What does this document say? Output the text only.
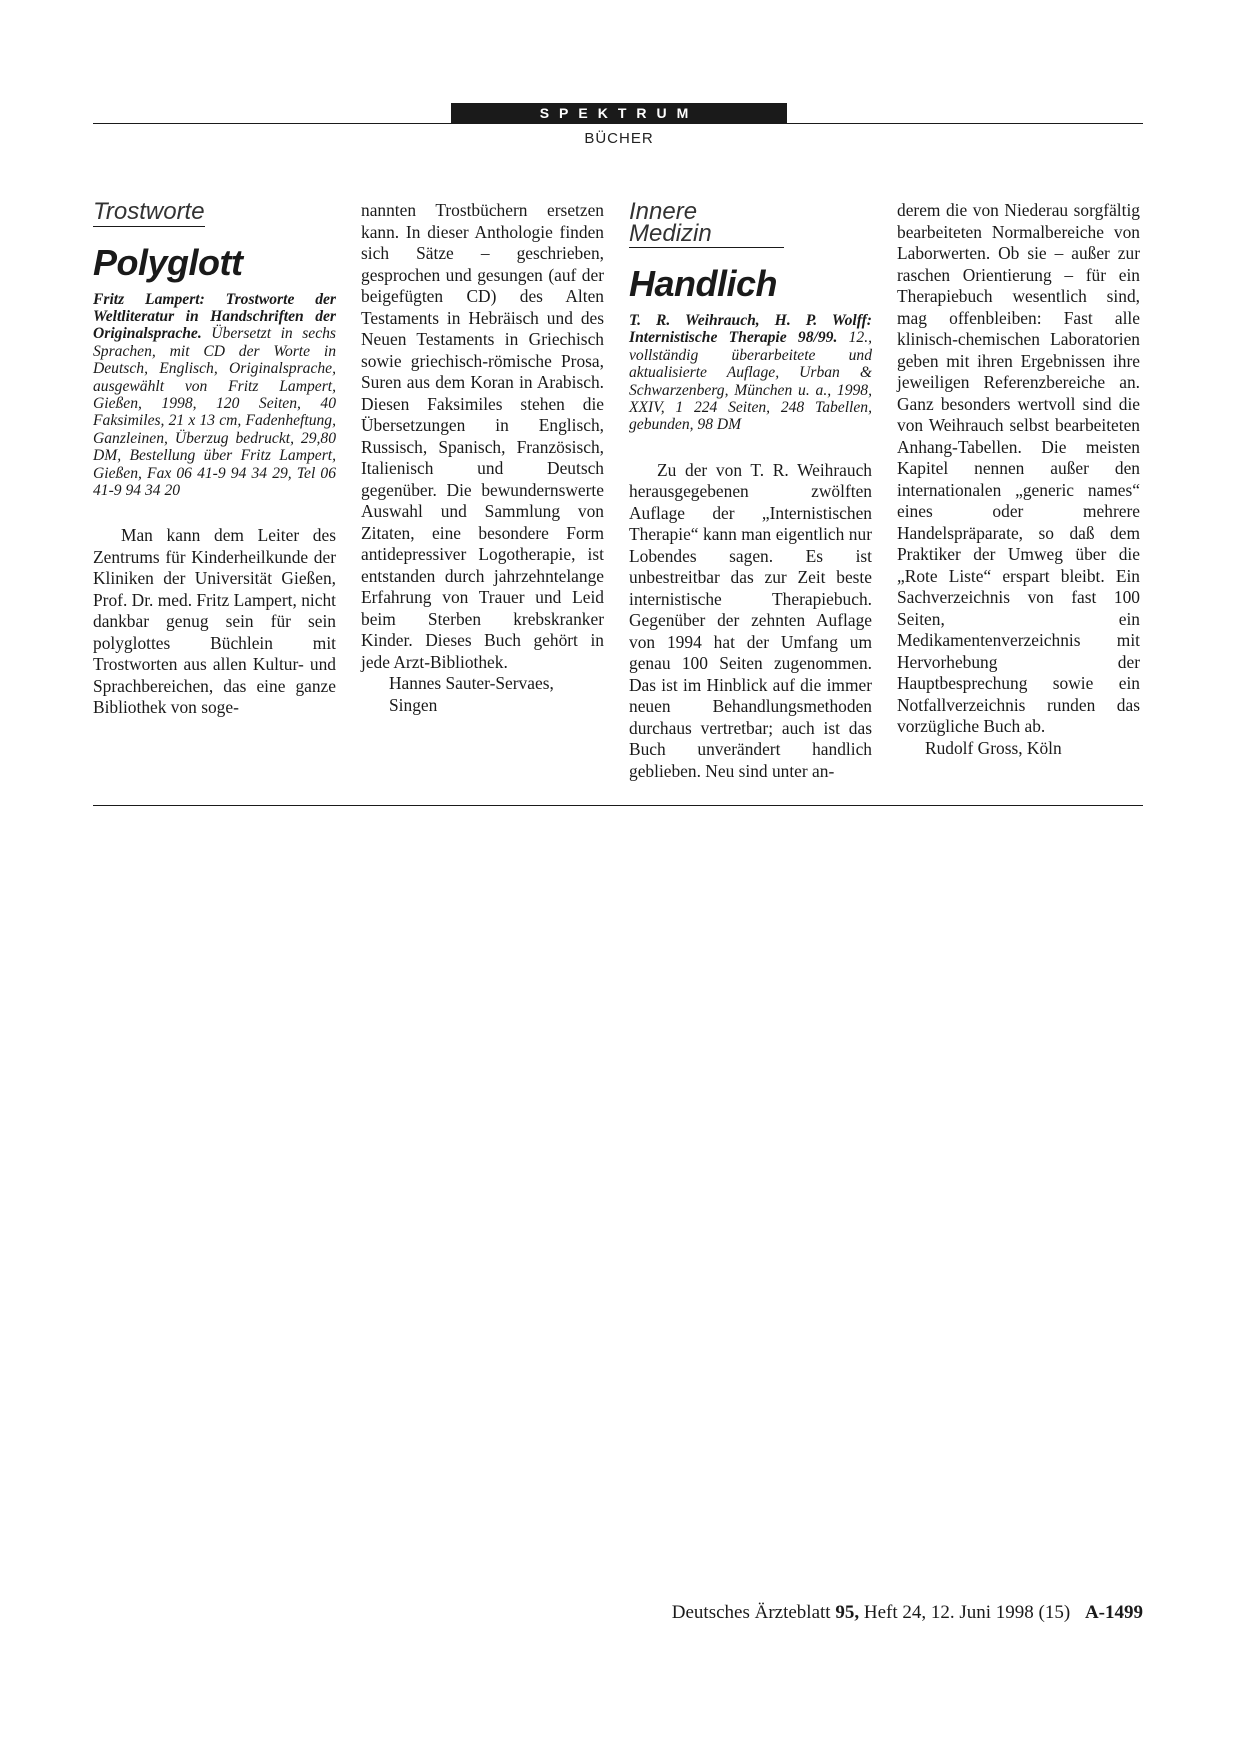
SPEKTRUM
BÜCHER
Trostworte
Polyglott
Fritz Lampert: Trostworte der Weltliteratur in Handschriften der Originalsprache. Übersetzt in sechs Sprachen, mit CD der Worte in Deutsch, Englisch, Originalsprache, ausgewählt von Fritz Lampert, Gießen, 1998, 120 Seiten, 40 Faksimiles, 21 x 13 cm, Fadenheftung, Ganzleinen, Überzug bedruckt, 29,80 DM, Bestellung über Fritz Lampert, Gießen, Fax 06 41-9 94 34 29, Tel 06 41-9 94 34 20

Man kann dem Leiter des Zentrums für Kinderheilkunde der Kliniken der Universität Gießen, Prof. Dr. med. Fritz Lampert, nicht dankbar genug sein für sein polyglottes Büchlein mit Trostworten aus allen Kultur- und Sprachbereichen, das eine ganze Bibliothek von soge-

nannten Trostbüchern ersetzen kann. In dieser Anthologie finden sich Sätze – geschrieben, gesprochen und gesungen (auf der beigefügten CD) des Alten Testaments in Hebräisch und des Neuen Testaments in Griechisch sowie griechisch-römische Prosa, Suren aus dem Koran in Arabisch. Diesen Faksimiles stehen die Übersetzungen in Englisch, Russisch, Spanisch, Französisch, Italienisch und Deutsch gegenüber. Die bewundernswerte Auswahl und Sammlung von Zitaten, eine besondere Form antidepressiver Logotherapie, ist entstanden durch jahrzehntelange Erfahrung von Trauer und Leid beim Sterben krebskranker Kinder. Dieses Buch gehört in jede Arzt-Bibliothek.

Hannes Sauter-Servaes,

Singen

Innere Medizin
Handlich
T. R. Weihrauch, H. P. Wolff: Internistische Therapie 98/99. 12., vollständig überarbeitete und aktualisierte Auflage, Urban & Schwarzenberg, München u. a., 1998, XXIV, 1 224 Seiten, 248 Tabellen, gebunden, 98 DM

Zu der von T. R. Weihrauch herausgegebenen zwölften Auflage der „Internistischen Therapie“ kann man eigentlich nur Lobendes sagen. Es ist unbestreitbar das zur Zeit beste internistische Therapiebuch. Gegenüber der zehnten Auflage von 1994 hat der Umfang um genau 100 Seiten zugenommen. Das ist im Hinblick auf die immer neuen Behandlungsmethoden durchaus vertretbar; auch ist das Buch unverändert handlich geblieben. Neu sind unter an-

derem die von Niederau sorgfältig bearbeiteten Normalbereiche von Laborwerten. Ob sie – außer zur raschen Orientierung – für ein Therapiebuch wesentlich sind, mag offenbleiben: Fast alle klinisch-chemischen Laboratorien geben mit ihren Ergebnissen ihre jeweiligen Referenzbereiche an. Ganz besonders wertvoll sind die von Weihrauch selbst bearbeiteten Anhang-Tabellen. Die meisten Kapitel nennen außer den internationalen „generic names“ eines oder mehrere Handelspräparate, so daß dem Praktiker der Umweg über die „Rote Liste“ erspart bleibt. Ein Sachverzeichnis von fast 100 Seiten, ein Medikamentenverzeichnis mit Hervorhebung der Hauptbesprechung sowie ein Notfallverzeichnis runden das vorzügliche Buch ab.

Rudolf Gross, Köln

Deutsches Ärzteblatt 95, Heft 24, 12. Juni 1998 (15) A-1499
